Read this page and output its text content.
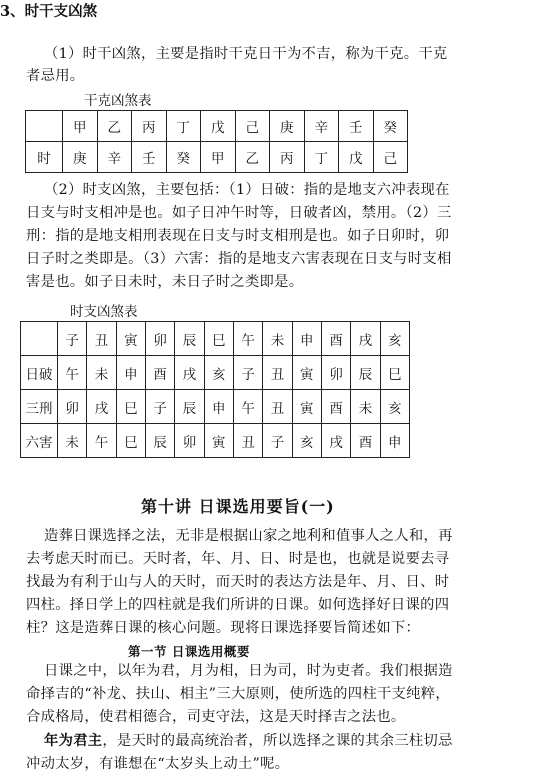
3、时干支凶煞
（1）时干凶煞，主要是指时干克日干为不吉，称为干克。干克
者忌用。
干克凶煞表
	甲	乙	丙	丁	戊	己	庚	辛	壬	癸
时	庚	辛	壬	癸	甲	乙	丙	丁	戊	己
（2）时支凶煞，主要包括：（1）日破：指的是地支六冲表现在
日支与时支相冲是也。如子日冲午时等，日破者凶，禁用。（2）三
刑：指的是地支相刑表现在日支与时支相刑是也。如子日卯时，卯
日子时之类即是。（3）六害：指的是地支六害表现在日支与时支相
害是也。如子日未时，未日子时之类即是。
时支凶煞表
	子	丑	寅	卯	辰	巳	午	未	申	酉	戌	亥
日破	午	未	申	酉	戌	亥	子	丑	寅	卯	辰	巳
三刑	卯	戌	巳	子	辰	申	午	丑	寅	酉	未	亥
六害	未	午	巳	辰	卯	寅	丑	子	亥	戌	酉	申
第十讲 日课选用要旨(一)
造葬日课选择之法，无非是根据山家之地利和值事人之人和，再
去考虑天时而已。天时者，年、月、日、时是也，也就是说要去寻
找最为有利于山与人的天时，而天时的表达方法是年、月、日、时
四柱。择日学上的四柱就是我们所讲的日课。如何选择好日课的四
柱？这是造葬日课的核心问题。现将日课选择要旨简述如下：
第一节 日课选用概要
日课之中，以年为君，月为相，日为司，时为吏者。我们根据造
命择吉的“补龙、扶山、相主”三大原则，使所选的四柱干支纯粹，
合成格局，使君相德合，司吏守法，这是天时择吉之法也。
年为君主，是天时的最高统治者，所以选择之课的其余三柱切忌
冲动太岁，有谁想在“太岁头上动土”呢。
